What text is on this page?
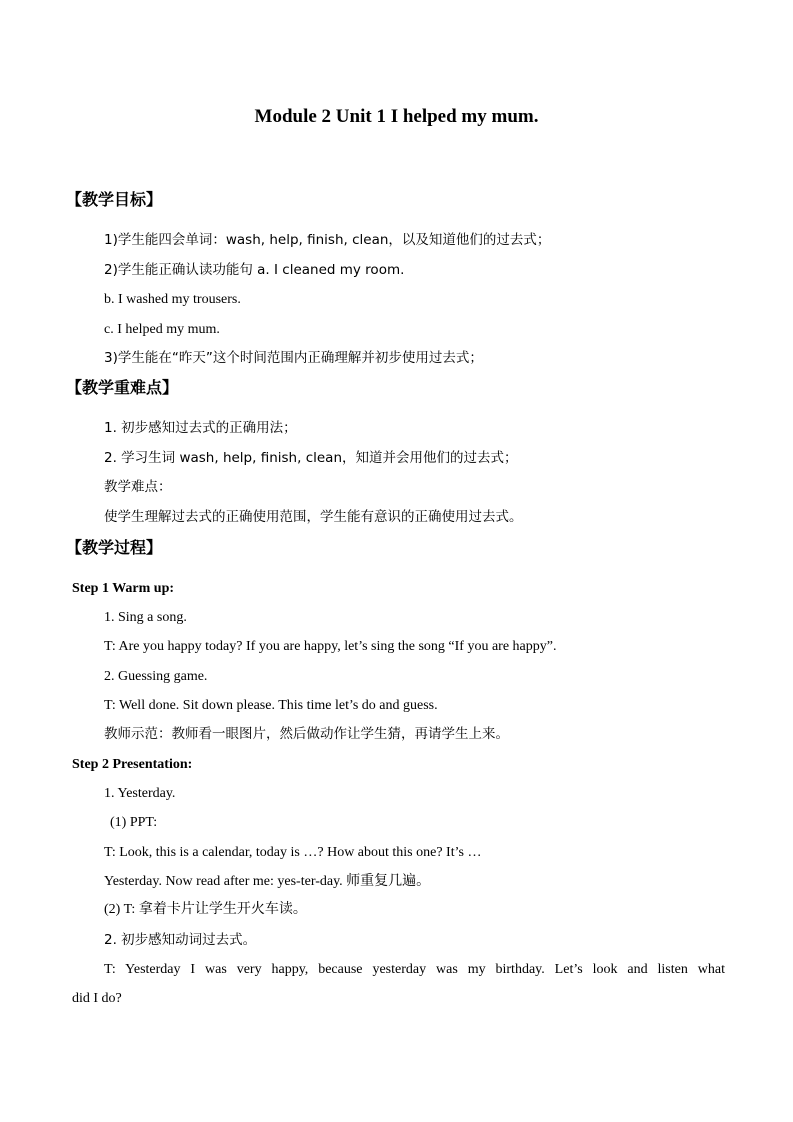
Module 2 Unit 1 I helped my mum.
【教学目标】
1)学生能四会单词：wash, help, finish, clean，以及知道他们的过去式；
2)学生能正确认读功能句 a. I cleaned my room.
b. I washed my trousers.
c. I helped my mum.
3)学生能在“昨天”这个时间范围内正确理解并初步使用过去式；
【教学重难点】
1. 初步感知过去式的正确用法；
2. 学习生词 wash, help, finish, clean，知道并会用他们的过去式；
教学难点：
使学生理解过去式的正确使用范围，学生能有意识的正确使用过去式。
【教学过程】
Step 1 Warm up:
1. Sing a song.
T: Are you happy today? If you are happy, let’s sing the song “If you are happy”.
2. Guessing game.
T: Well done. Sit down please. This time let’s do and guess.
教师示范：教师看一眼图片，然后做动作让学生猜，再请学生上来。
Step 2 Presentation:
1. Yesterday.
(1) PPT:
T: Look, this is a calendar, today is …? How about this one? It’s …
Yesterday. Now read after me: yes-ter-day. 师重复几遍。
(2) T: 拿着卡片让学生开火车读。
2. 初步感知动词过去式。
T: Yesterday I was very happy, because yesterday was my birthday. Let’s look and listen what
did I do?
